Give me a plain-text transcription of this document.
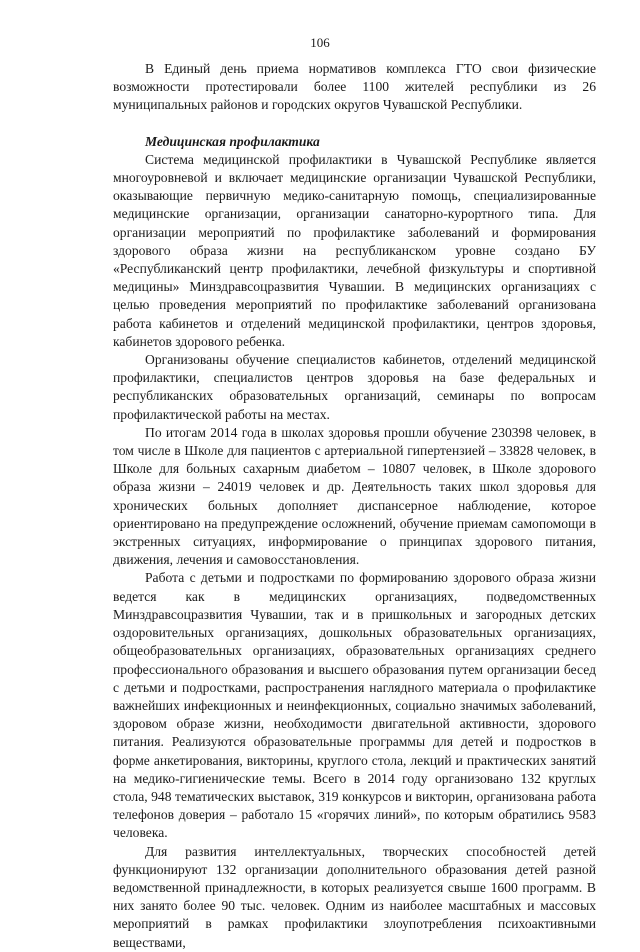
106

В Единый день приема нормативов комплекса ГТО свои физические возможности протестировали более 1100 жителей республики из 26 муниципальных районов и городских округов Чувашской Республики.

Медицинская профилактика

Система медицинской профилактики в Чувашской Республике является многоуровневой и включает медицинские организации Чувашской Республики, оказывающие первичную медико-санитарную помощь, специализированные медицинские организации, организации санаторно-курортного типа. Для организации мероприятий по профилактике заболеваний и формирования здорового образа жизни на республиканском уровне создано БУ «Республиканский центр профилактики, лечебной физкультуры и спортивной медицины» Минздравсоцразвития Чувашии. В медицинских организациях с целью проведения мероприятий по профилактике заболеваний организована работа кабинетов и отделений медицинской профилактики, центров здоровья, кабинетов здорового ребенка.

Организованы обучение специалистов кабинетов, отделений медицинской профилактики, специалистов центров здоровья на базе федеральных и республиканских образовательных организаций, семинары по вопросам профилактической работы на местах.

По итогам 2014 года в школах здоровья прошли обучение 230398 человек, в том числе в Школе для пациентов с артериальной гипертензией – 33828 человек, в Школе для больных сахарным диабетом – 10807 человек, в Школе здорового образа жизни – 24019 человек и др. Деятельность таких школ здоровья для хронических больных дополняет диспансерное наблюдение, которое ориентировано на предупреждение осложнений, обучение приемам самопомощи в экстренных ситуациях, информирование о принципах здорового питания, движения, лечения и самовосстановления.

Работа с детьми и подростками по формированию здорового образа жизни ведется как в медицинских организациях, подведомственных Минздравсоцразвития Чувашии, так и в пришкольных и загородных детских оздоровительных организациях, дошкольных образовательных организациях, общеобразовательных организациях, образовательных организациях среднего профессионального образования и высшего образования путем организации бесед с детьми и подростками, распространения наглядного материала о профилактике важнейших инфекционных и неинфекционных, социально значимых заболеваний, здоровом образе жизни, необходимости двигательной активности, здорового питания. Реализуются образовательные программы для детей и подростков в форме анкетирования, викторины, круглого стола, лекций и практических занятий на медико-гигиенические темы. Всего в 2014 году организовано 132 круглых стола, 948 тематических выставок, 319 конкурсов и викторин, организована работа телефонов доверия – работало 15 «горячих линий», по которым обратились 9583 человека.

Для развития интеллектуальных, творческих способностей детей функционируют 132 организации дополнительного образования детей разной ведомственной принадлежности, в которых реализуется свыше 1600 программ. В них занято более 90 тыс. человек. Одним из наиболее масштабных и массовых мероприятий в рамках профилактики злоупотребления психоактивными веществами,
